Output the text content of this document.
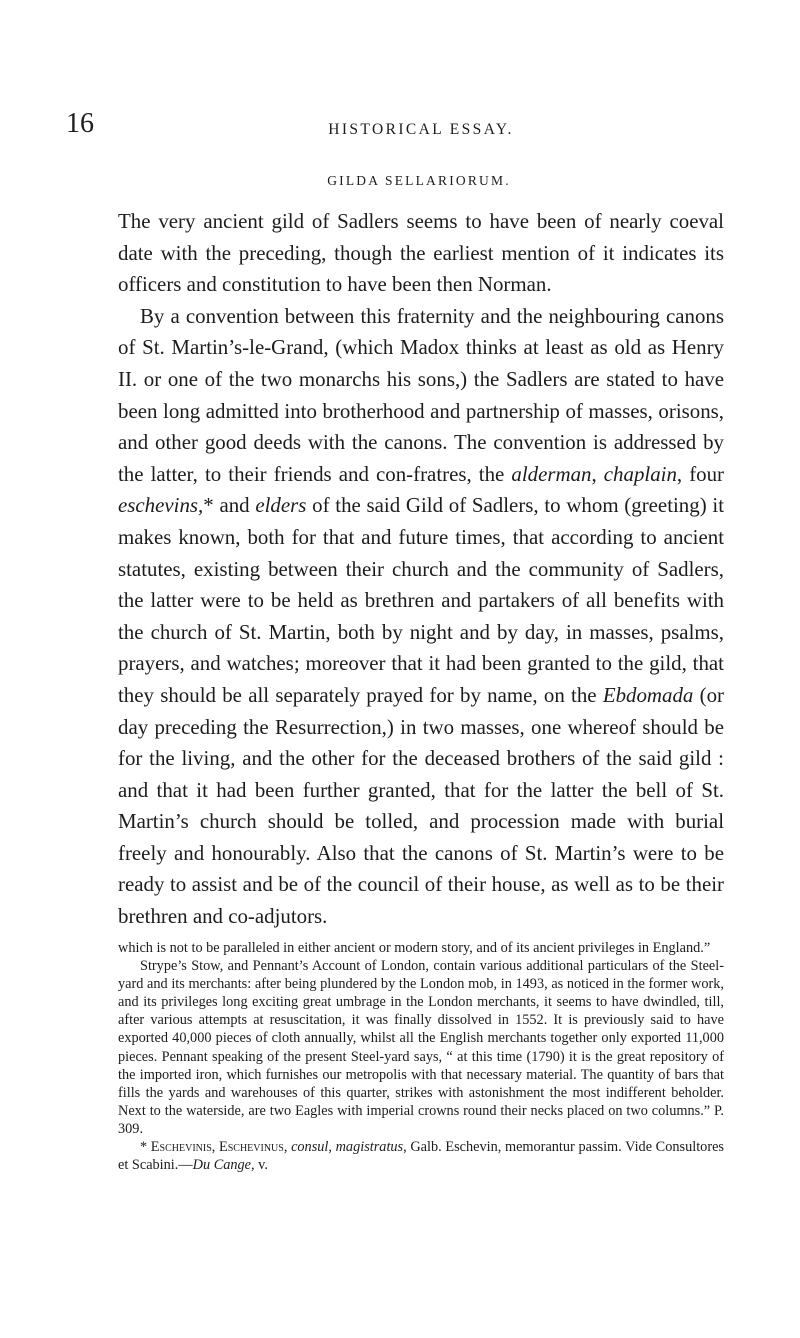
16	HISTORICAL ESSAY.
GILDA SELLARIORUM.

The very ancient gild of Sadlers seems to have been of nearly coeval date with the preceding, though the earliest mention of it indicates its officers and constitution to have been then Norman.

By a convention between this fraternity and the neighbouring canons of St. Martin’s-le-Grand, (which Madox thinks at least as old as Henry II. or one of the two monarchs his sons,) the Sadlers are stated to have been long admitted into brotherhood and partnership of masses, orisons, and other good deeds with the canons. The convention is addressed by the latter, to their friends and con-fratres, the alderman, chaplain, four eschevins,* and elders of the said Gild of Sadlers, to whom (greeting) it makes known, both for that and future times, that according to ancient statutes, existing between their church and the community of Sadlers, the latter were to be held as brethren and partakers of all benefits with the church of St. Martin, both by night and by day, in masses, psalms, prayers, and watches; moreover that it had been granted to the gild, that they should be all separately prayed for by name, on the Ebdomada (or day preceding the Resurrection,) in two masses, one whereof should be for the living, and the other for the deceased brothers of the said gild : and that it had been further granted, that for the latter the bell of St. Martin’s church should be tolled, and procession made with burial freely and honourably. Also that the canons of St. Martin’s were to be ready to assist and be of the council of their house, as well as to be their brethren and co-adjutors.

which is not to be paralleled in either ancient or modern story, and of its ancient privileges in England.”

Strype’s Stow, and Pennant’s Account of London, contain various additional particulars of the Steel-yard and its merchants: after being plundered by the London mob, in 1493, as noticed in the former work, and its privileges long exciting great umbrage in the London merchants, it seems to have dwindled, till, after various attempts at resuscitation, it was finally dissolved in 1552. It is previously said to have exported 40,000 pieces of cloth annually, whilst all the English merchants together only exported 11,000 pieces. Pennant speaking of the present Steel-yard says, “ at this time (1790) it is the great repository of the imported iron, which furnishes our metropolis with that necessary material. The quantity of bars that fills the yards and warehouses of this quarter, strikes with astonishment the most indifferent beholder. Next to the waterside, are two Eagles with imperial crowns round their necks placed on two columns.” P. 309.

* Eschevinis, Eschevinus, consul, magistratus, Galb. Eschevin, memorantur passim. Vide Consultores et Scabini.—Du Cange, v.
